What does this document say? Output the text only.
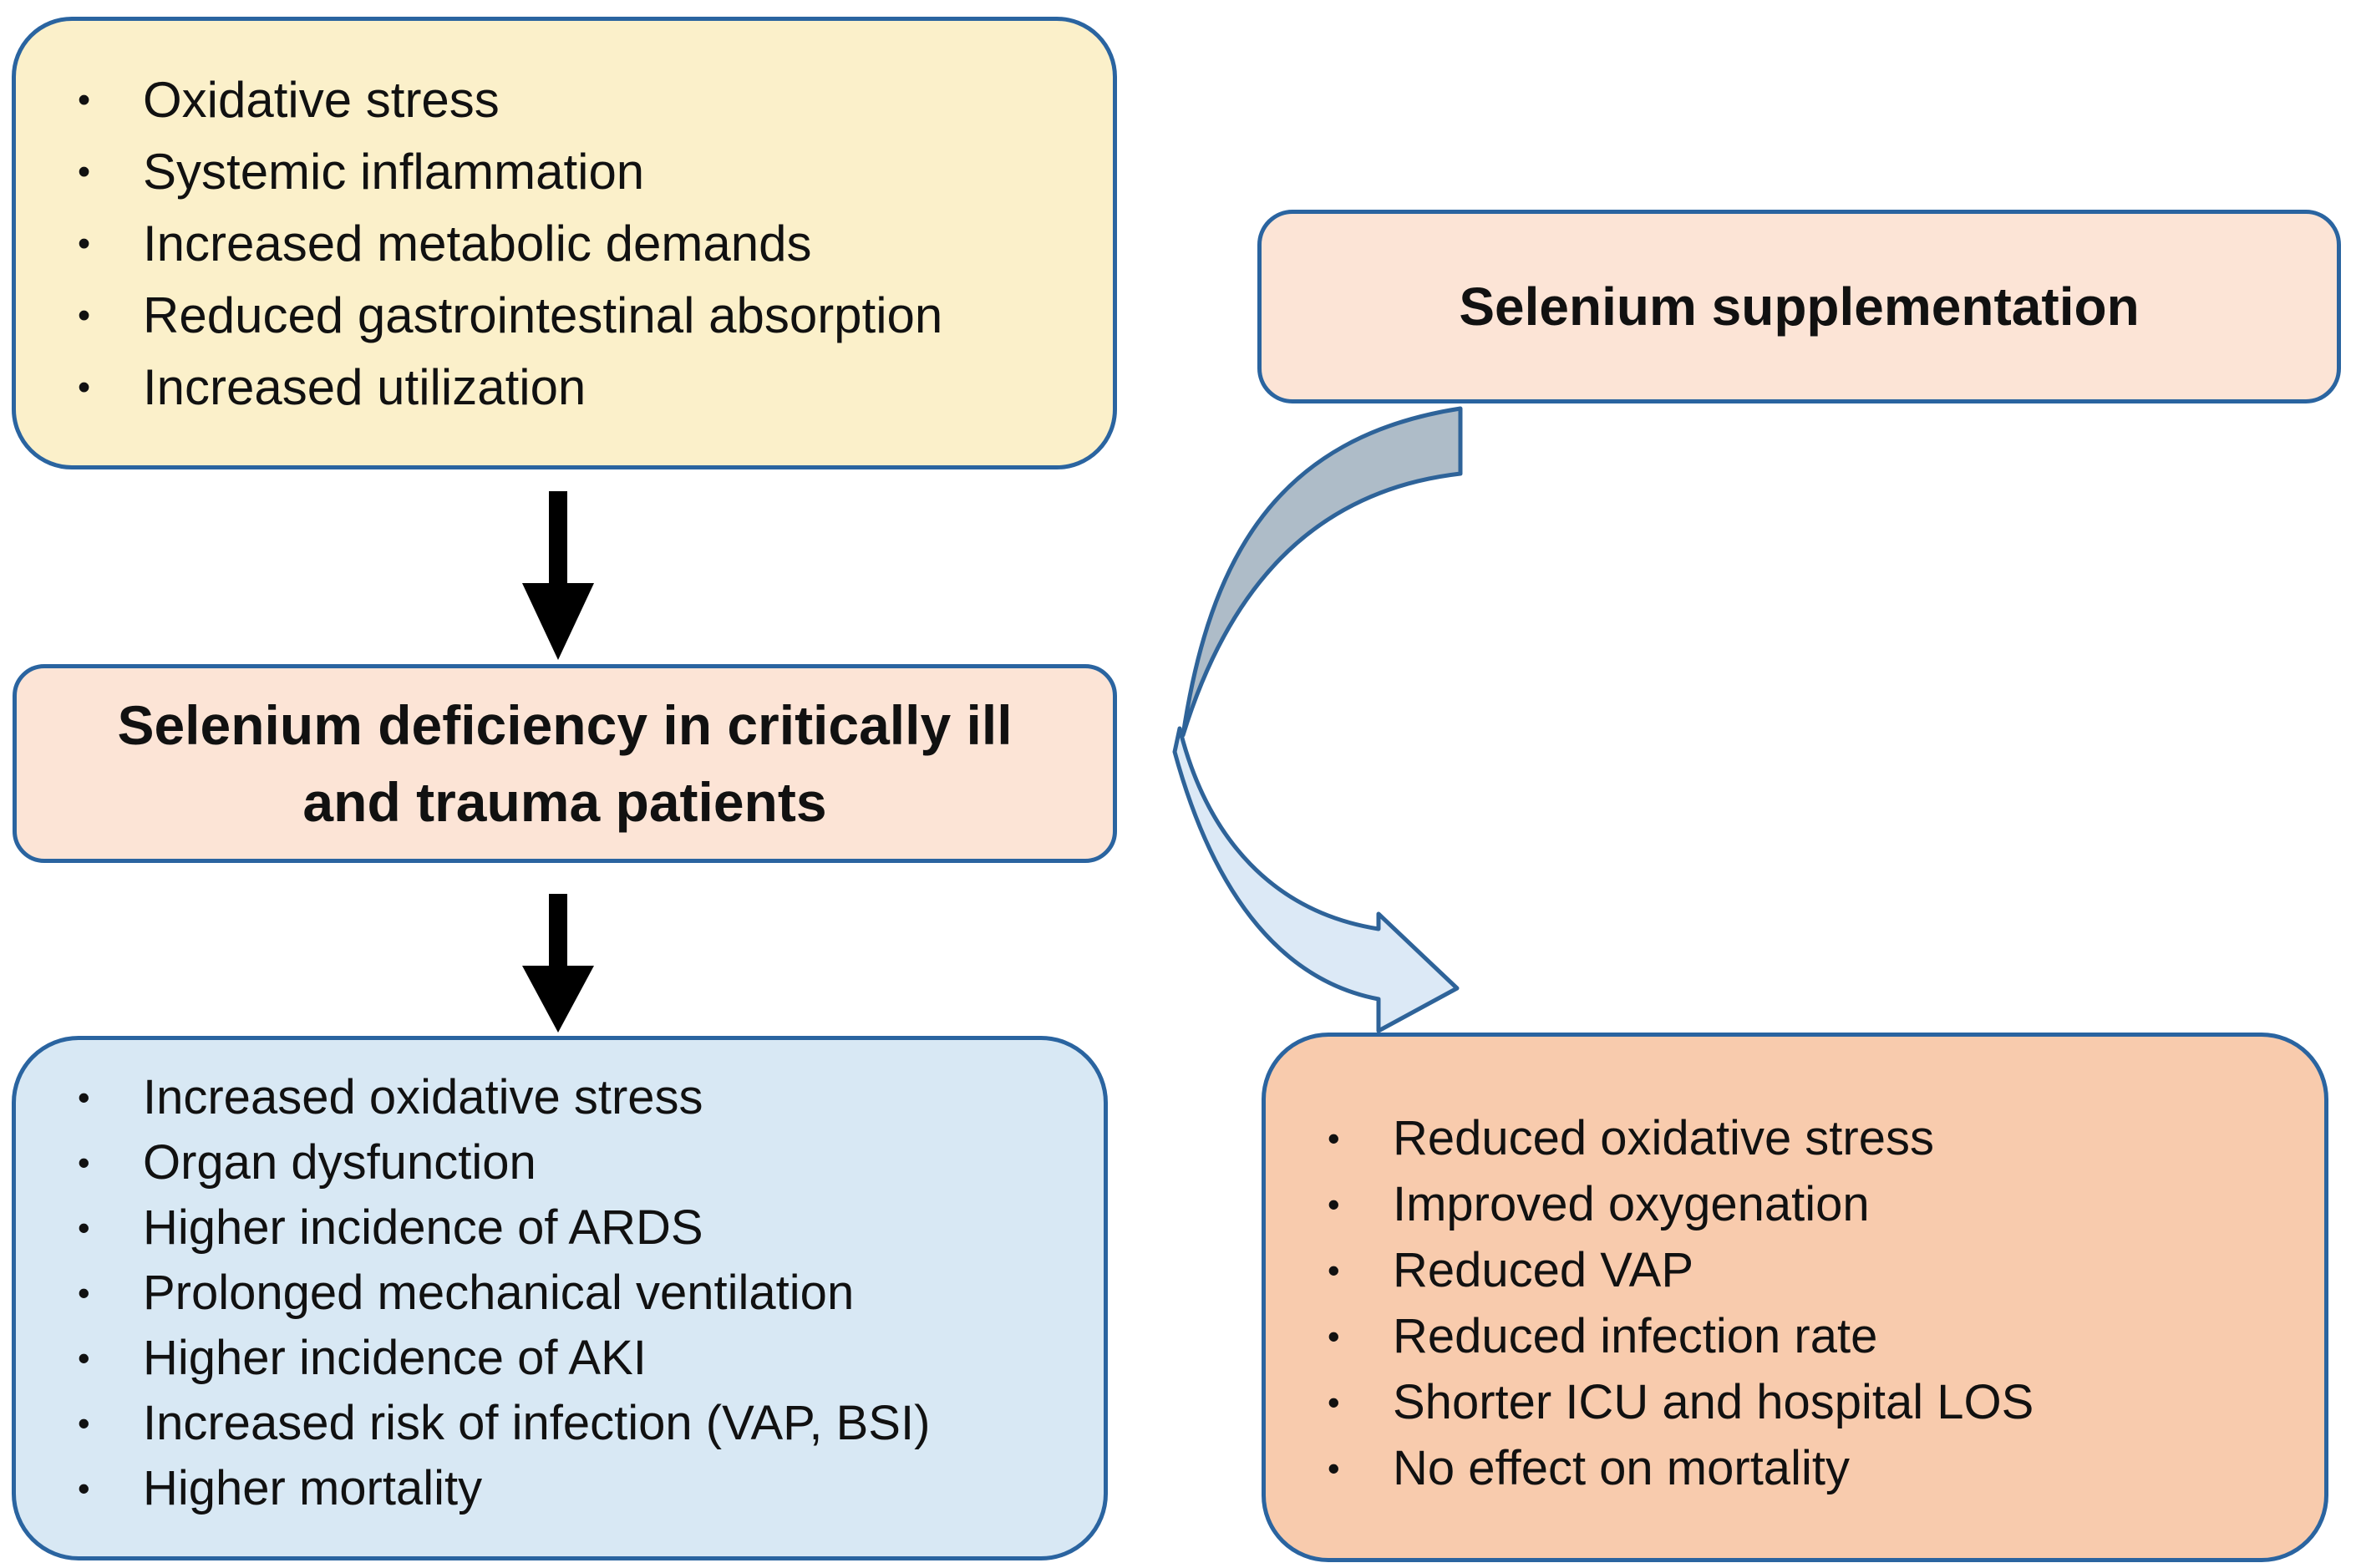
• Oxidative stress
• Systemic inflammation
• Increased metabolic demands
• Reduced gastrointestinal absorption
• Increased utilization
Selenium deficiency in critically ill
and trauma patients
• Increased oxidative stress
• Organ dysfunction
• Higher incidence of ARDS
• Prolonged mechanical ventilation
• Higher incidence of AKI
• Increased risk of infection (VAP, BSI)
• Higher mortality
Selenium supplementation
• Reduced oxidative stress
• Improved oxygenation
• Reduced VAP
• Reduced infection rate
• Shorter ICU and hospital LOS
• No effect on mortality
